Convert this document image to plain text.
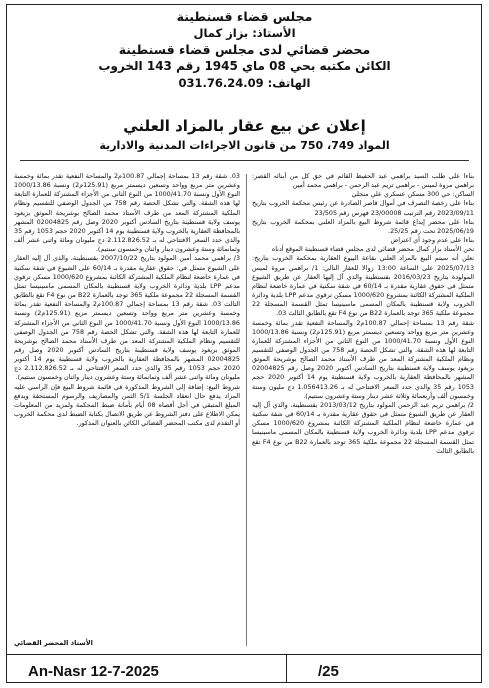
مجلس قضاء قسنطينة
الأستاذ: بزاز كمال
محضر قضائي لدى مجلس قضاء قسنطينة
الكائن مكتبه بحي 08 ماي 1945 رقم 143 الخروب
الهاتف: 031.76.24.09
إعلان عن بيع عقار بالمزاد العلني
المواد 749، 750 من قانون الاجراءات المدنية والادارية

بناءا على طلب السيد براهمي عبد الحفيظ القائم في حق كل من أبنائه القصر: براهمي مروة لميس - براهمي تريم عبد الرحمن - براهمي محمد أمين

الساكن: حي 300 مسكن عسكري علي منجلي

بناءا على رخصة التصرف في أموال قاصر الصادرة عن رئيس محكمة الخروب بتاريخ 2023/09/11 رقم الترتيب 23/00008 فهرس رقم 23/505

بناءا على محضر إيداع قائمة شروط البيع بالمزاد العلني بمحكمة الخروب بتاريخ 2025/06/19 تحت رقم 25/25.

بناءا على عدم وجود أي اعتراض

نحن الأستاذ بزاز كمال محضر قضائي لدى مجلس قضاء قسنطينة الموقع أدناه

نعلن أنه سيتم البيع بالمزاد العلني بقاعة البيوع العقارية بمحكمة الخروب بتاريخ: 2025/07/13 على الساعة 13:00 زوالا للعقار التالي: 1/ براهمي مروة لميس المولودة بتاريخ 2016/03/23 بقسنطينة والذي آل إليها العقار عن طريق الشيوع متمثل في حقوق عقارية مقدرة بـ 60/14 في شقة سكنية في عمارة خاضعة لنظام الملكية المشتركة الكائنة بمشروع 1000/620 مسكن ترقوي مدعم LPP بلدية ودائرة الخروب ولاية قسنطينة بالمكان المسمى ماسينيسا تمثل القسمة المسجلة 22 مجموعة ملكية 365 توجد بالعمارة B22 من نوع F4 تقع بالطابق الثالث 03.

شقة رقم 13 بمساحة إجمالي 100.87م2 والمساحة النفعية تقدر بمائة وخمسة وعشرين متر مربع وواحد وتسعين ديسمتر مربع (125.91م2) ونسبة 1000/13.86 النوع الأول ونسبة 1000/41.70 من النوع الثاني من الأجزاء المشتركة للعمارة التابعة لها هذه الشقة. والتي تشكل الحصة رقم 758 من الجدول الوصفي للتقسيم ونظام الملكية المشتركة المعد من طرف الأستاذ محمد الصالح بوشريحة الموثق بزيغود يوسف ولاية قسنطينة بتاريخ السادس أكتوبر 2020 وصل رقم 02004825 المشهر بالمحافظة العقارية بالخروب ولاية قسنطينة يوم 14 أكتوبر 2020 حجم 1053 رقم 35 والذي حدد السعر الافتتاحي له بـ 1.056413.26 دج مليون وستة وخمسون ألف وأربعمائة وثلاثة عشر دينار وستة وعشرون سنتيم).

2/ براهمي تريم عبد الرحمن المولود بتاريخ 2013/03/12 بقسنطينة، والذي آل إليه العقار عن طريق الشيوع متمثل في حقوق عقارية مقدرة بـ 60/14 في شقة سكنية في عمارة خاضعة لنظام الملكية المشتركة الكائنة بمشروع 1000/620 مسكن ترقوي مدعم LPP بلدية ودائرة الخروب ولاية قسنطينة بالمكان المسمى ماسينيسا تمثل القسمة المسجلة 22 مجموعة ملكية 365 توجد بالعمارة B22 من نوع F4 تقع بالطابق الثالث

03. شقة رقم 13 بمساحة إجمالي 100.87م2 والمساحة النفعية تقدر بمائة وخمسة وعشرين متر مربع وواحد وتسعين ديسمتر مربع (125.91م2) ونسبة 1000/13.86 النوع الأول ونسبة 1000/41.70 من النوع الثاني من الأجزاء المشتركة للعمارة التابعة لها هذه الشقة. والتي تشكل الحصة رقم 758 من الجدول الوصفي للتقسيم ونظام الملكية المشتركة المعد من طرف الأستاذ محمد الصالح بوشريحة الموثق بزيغود يوسف ولاية قسنطينة بتاريخ السادس أكتوبر 2020 وصل رقم 02004825 المشهر بالمحافظة العقارية بالخروب ولاية قسنطينة يوم 14 أكتوبر 2020 حجم 1053 رقم 35 والذي حدد السعر الافتتاحي له بـ 2.112.826.52 دج مليونان ومائة واثنى عشر ألف وثمانمائة وستة وعشرون دينار واثنان وخمسون سنتيم).

3/ براهمي محمد أمين المولود بتاريخ 2007/10/22 بقسنطينة، والذي آل إليه العقار على الشيوع متمثل في: حقوق عقارية مقدرة بـ 60/14 على الشيوع في شقة سكنية في عمارة خاضعة لنظام الملكية المشتركة الكائنة بمشروع 1000/620 مسكن ترقوي مدعم LPP بلدية ودائرة الخروب ولاية قسنطينة بالمكان المسمى ماسينيسا تمثل القسمة المسجلة 22 مجموعة ملكية 365 توجد بالعمارة B22 من نوع F4 تقع بالطابق الثالث 03. شقة رقم 13 بمساحة إجمالي 100.87م2 والمساحة النفعية تقدر بمائة وخمسة وعشرين متر مربع وواحد وتسعين ديسمتر مربع (125.91م2) ونسبة 1000/13.86 النوع الأول ونسبة 1000/41.70 من النوع الثاني من الأجزاء المشتركة للعمارة التابعة لها هذه الشقة. والتي تشكل الحصة رقم 758 من الجدول الوصفي للتقسيم ونظام الملكية المشتركة المعد من طرف الأستاذ محمد الصالح بوشريحة الموثق بزيغود يوسف ولاية قسنطينة بتاريخ السادس أكتوبر 2020 وصل رقم 02004825 المشهر بالمحافظة العقارية بالخروب ولاية قسنطينة يوم 14 أكتوبر 2020 حجم 1053 رقم 35 والذي حدد السعر الافتتاحي له بـ 2.112.826.52 دج مليونان ومائة واثنى عشر ألف وثمانمائة وستة وعشرون دينار واثنان وخمسون سنتيم).

شروط البيع: إضافة إلى الشروط المذكورة في قائمة شروط البيع فإن الراسي عليه المزاد يدفع حال انعقاد الجلسة 5/1 الثمن والمصاريف والرسوم المستحقة ويدفع المبلغ المتبقي في أجل أقصاه 08 أيام بأمانة ضبط المحكمة ولمزيد من المعلومات يمكن الاطلاع على دفتر الشروط عن طريق الاتصال بكتابة الضبط لدى محكمة الخروب أو التقدم لدى مكتب المحضر القضائي الكائن بالعنوان المذكور.

الأستاذ المحضر القضائي
An-Nasr 12-7-2025	/25
